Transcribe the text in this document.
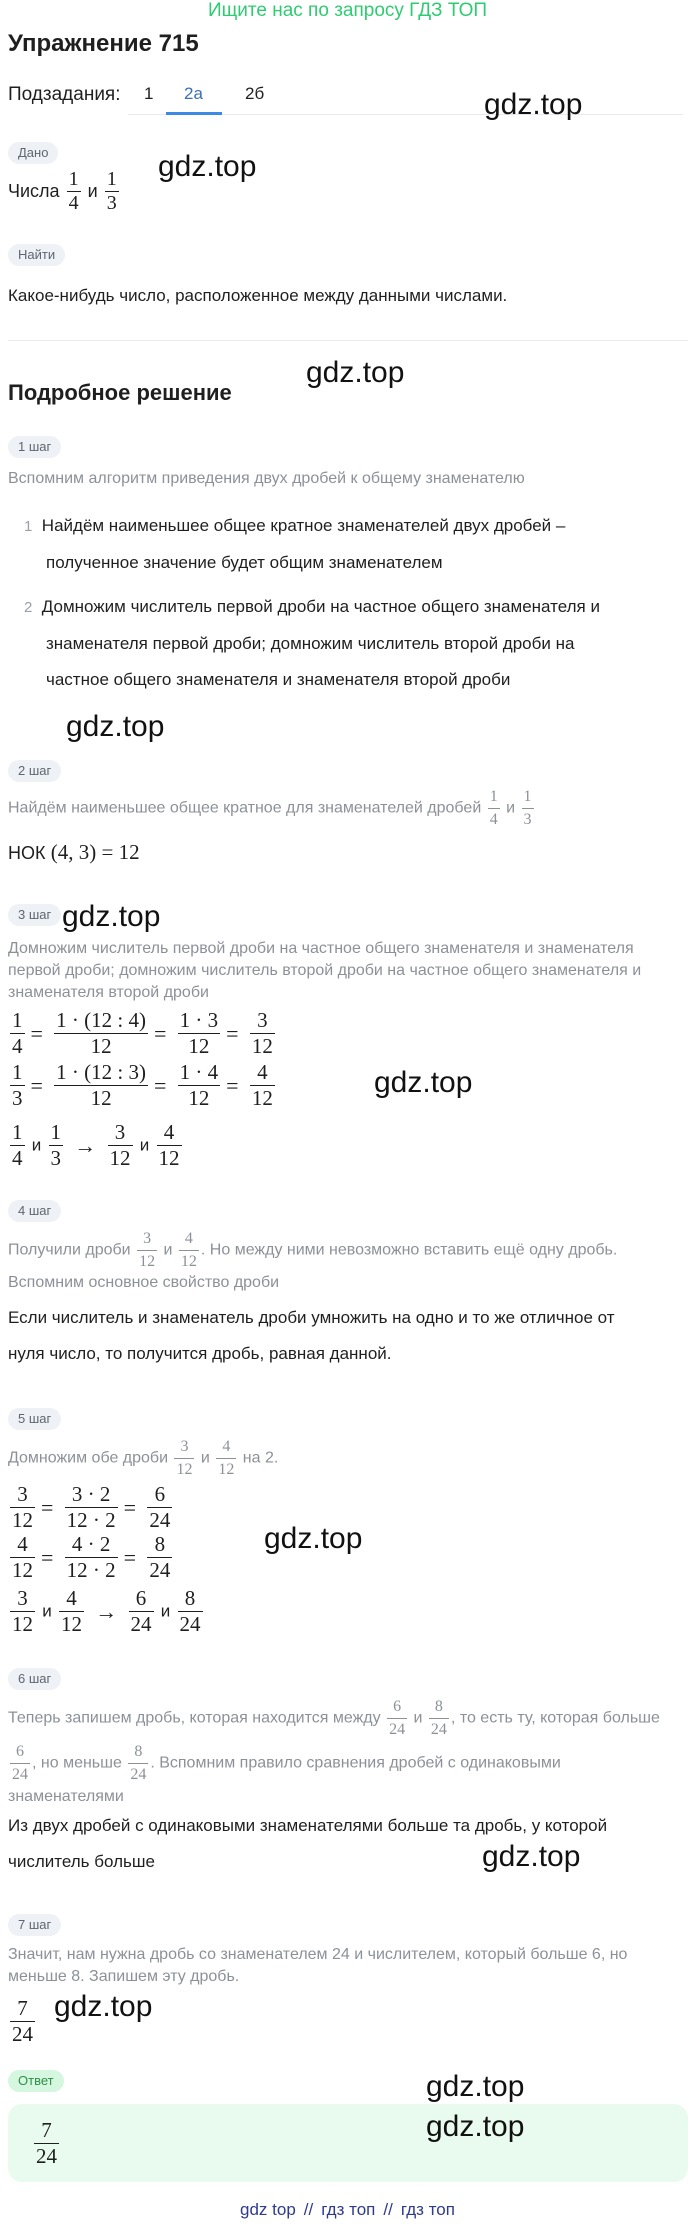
Ищите нас по запросу ГДЗ ТОП
Упражнение 715
Подзадания: 1 2а 2б	gdz.top
gdz.top
gdz.top
gdz.top
gdz.top
gdz.top
gdz.top
gdz.top
gdz.top
gdz.top
Дано
Числа $\frac{1}{4}$ и $\frac{1}{3}$
Найти
Какое-нибудь число, расположенное между данными числами.
Подробное решение
1 шаг
Вспомним алгоритм приведения двух дробей к общему знаменателю
1 Найдём наименьшее общее кратное знаменателей двух дробей –
полученное значение будет общим знаменателем
2 Домножим числитель первой дроби на частное общего знаменателя и
знаменателя первой дроби; домножим числитель второй дроби на
частное общего знаменателя и знаменателя второй дроби
2 шаг
Найдём наименьшее общее кратное для знаменателей дробей $\frac{1}{4}$ и $\frac{1}{3}$
НОК (4, 3) = 12
3 шаг
Домножим числитель первой дроби на частное общего знаменателя и знаменателя
первой дроби; домножим числитель второй дроби на частное общего знаменателя и
знаменателя второй дроби
$\frac{1}{4} = \frac{1 \cdot (12 : 4)}{12} = \frac{1 \cdot 3}{12} = \frac{3}{12}$
$\frac{1}{3} = \frac{1 \cdot (12 : 3)}{12} = \frac{1 \cdot 4}{12} = \frac{4}{12}$
$\frac{1}{4}$ и $\frac{1}{3} \to \frac{3}{12}$ и $\frac{4}{12}$
4 шаг
Получили дроби $\frac{3}{12}$ и $\frac{4}{12}$ . Но между ними невозможно вставить ещё одну дробь.
Вспомним основное свойство дроби
Если числитель и знаменатель дроби умножить на одно и то же отличное от
нуля число, то получится дробь, равная данной.
5 шаг
Домножим обе дроби $\frac{3}{12}$ и $\frac{4}{12}$ на 2.
$\frac{3}{12} = \frac{3 \cdot 2}{12 \cdot 2} = \frac{6}{24}$
$\frac{4}{12} = \frac{4 \cdot 2}{12 \cdot 2} = \frac{8}{24}$
$\frac{3}{12}$ и $\frac{4}{12} \to \frac{6}{24}$ и $\frac{8}{24}$
6 шаг
Теперь запишем дробь, которая находится между $\frac{6}{24}$ и $\frac{8}{24}$ , то есть ту, которая больше
$\frac{6}{24}$ , но меньше $\frac{8}{24}$ . Вспомним правило сравнения дробей с одинаковыми
знаменателями
Из двух дробей с одинаковыми знаменателями больше та дробь, у которой
числитель больше
7 шаг
Значит, нам нужна дробь со знаменателем 24 и числителем, который больше 6, но
меньше 8. Запишем эту дробь.
$\frac{7}{24}$
Ответ
$\frac{7}{24}$	gdz.top
gdz top // гдз топ // гдз топ
